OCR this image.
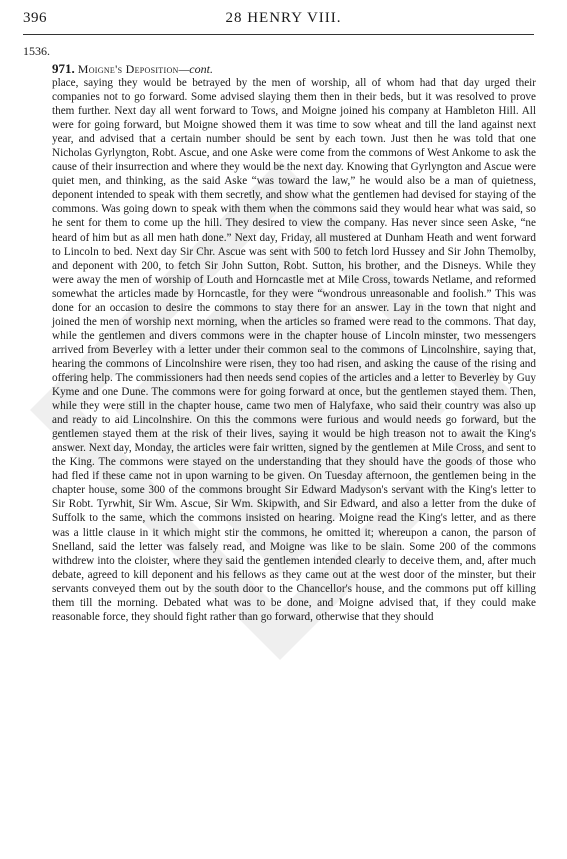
396	28 HENRY VIII.
1536.
971. Moigne's Deposition—cont.

place, saying they would be betrayed by the men of worship, all of whom had that day urged their companies not to go forward. Some advised slaying them then in their beds, but it was resolved to prove them further. Next day all went forward to Tows, and Moigne joined his company at Hambleton Hill. All were for going forward, but Moigne showed them it was time to sow wheat and till the land against next year, and advised that a certain number should be sent by each town. Just then he was told that one Nicholas Gyrlyngton, Robt. Ascue, and one Aske were come from the commons of West Ankome to ask the cause of their insurrection and where they would be the next day. Knowing that Gyrlyngton and Ascue were quiet men, and thinking, as the said Aske “was toward the law,” he would also be a man of quietness, deponent intended to speak with them secretly, and show what the gentlemen had devised for staying of the commons. Was going down to speak with them when the commons said they would hear what was said, so he sent for them to come up the hill. They desired to view the company. Has never since seen Aske, “ne heard of him but as all men hath done.” Next day, Friday, all mustered at Dunham Heath and went forward to Lincoln to bed. Next day Sir Chr. Ascue was sent with 500 to fetch lord Hussey and Sir John Themolby, and deponent with 200, to fetch Sir John Sutton, Robt. Sutton, his brother, and the Disneys. While they were away the men of worship of Louth and Horncastle met at Mile Cross, towards Netlame, and reformed somewhat the articles made by Horncastle, for they were “wondrous unreasonable and foolish.” This was done for an occasion to desire the commons to stay there for an answer. Lay in the town that night and joined the men of worship next morning, when the articles so framed were read to the commons. That day, while the gentlemen and divers commons were in the chapter house of Lincoln minster, two messengers arrived from Beverley with a letter under their common seal to the commons of Lincolnshire, saying that, hearing the commons of Lincolnshire were risen, they too had risen, and asking the cause of the rising and offering help. The commissioners had then needs send copies of the articles and a letter to Beverley by Guy Kyme and one Dune. The commons were for going forward at once, but the gentlemen stayed them. Then, while they were still in the chapter house, came two men of Halyfaxe, who said their country was also up and ready to aid Lincolnshire. On this the commons were furious and would needs go forward, but the gentlemen stayed them at the risk of their lives, saying it would be high treason not to await the King's answer. Next day, Monday, the articles were fair written, signed by the gentlemen at Mile Cross, and sent to the King. The commons were stayed on the understanding that they should have the goods of those who had fled if these came not in upon warning to be given. On Tuesday afternoon, the gentlemen being in the chapter house, some 300 of the commons brought Sir Edward Madyson's servant with the King's letter to Sir Robt. Tyrwhit, Sir Wm. Ascue, Sir Wm. Skipwith, and Sir Edward, and also a letter from the duke of Suffolk to the same, which the commons insisted on hearing. Moigne read the King's letter, and as there was a little clause in it which might stir the commons, he omitted it; whereupon a canon, the parson of Snelland, said the letter was falsely read, and Moigne was like to be slain. Some 200 of the commons withdrew into the cloister, where they said the gentlemen intended clearly to deceive them, and, after much debate, agreed to kill deponent and his fellows as they came out at the west door of the minster, but their servants conveyed them out by the south door to the Chancellor's house, and the commons put off killing them till the morning. Debated what was to be done, and Moigne advised that, if they could make reasonable force, they should fight rather than go forward, otherwise that they should
